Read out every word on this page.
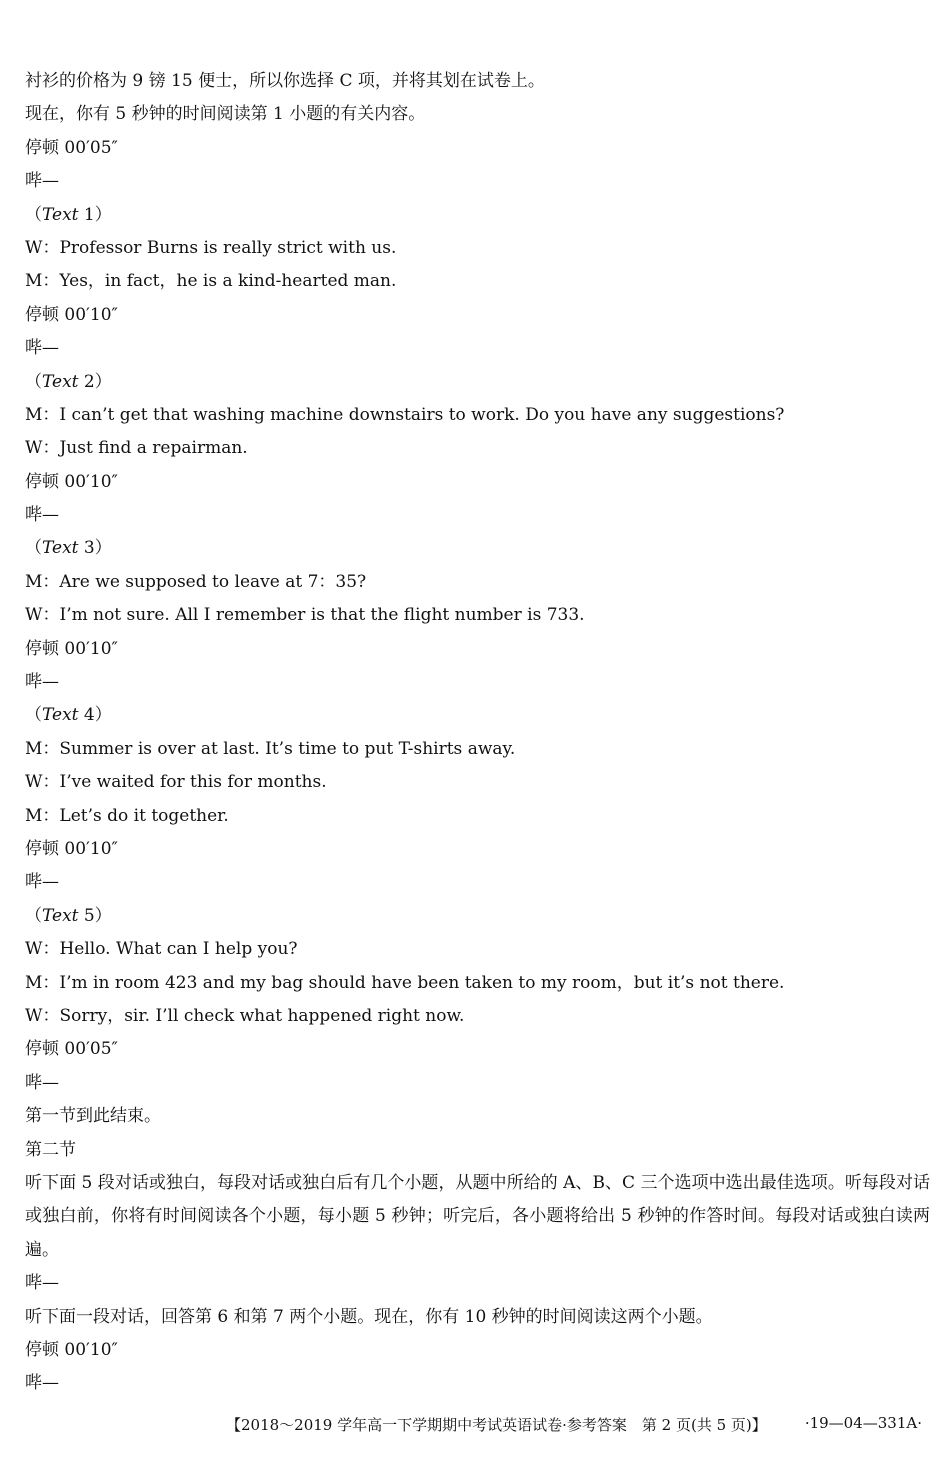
衬衫的价格为 9 镑 15 便士，所以你选择 C 项，并将其划在试卷上。
现在，你有 5 秒钟的时间阅读第 1 小题的有关内容。
停顿 00′05″
哔—
（Text 1）
W：Professor Burns is really strict with us.
M：Yes，in fact，he is a kind-hearted man.
停顿 00′10″
哔—
（Text 2）
M：I can’t get that washing machine downstairs to work. Do you have any suggestions?
W：Just find a repairman.
停顿 00′10″
哔—
（Text 3）
M：Are we supposed to leave at 7：35?
W：I’m not sure. All I remember is that the flight number is 733.
停顿 00′10″
哔—
（Text 4）
M：Summer is over at last. It’s time to put T-shirts away.
W：I’ve waited for this for months.
M：Let’s do it together.
停顿 00′10″
哔—
（Text 5）
W：Hello. What can I help you?
M：I’m in room 423 and my bag should have been taken to my room，but it’s not there.
W：Sorry，sir. I’ll check what happened right now.
停顿 00′05″
哔—
第一节到此结束。
第二节
听下面 5 段对话或独白，每段对话或独白后有几个小题，从题中所给的 A、B、C 三个选项中选出最佳选项。听每段对话或独白前，你将有时间阅读各个小题，每小题 5 秒钟；听完后，各小题将给出 5 秒钟的作答时间。每段对话或独白读两遍。
哔—
听下面一段对话，回答第 6 和第 7 两个小题。现在，你有 10 秒钟的时间阅读这两个小题。
停顿 00′10″
哔—
【2018～2019 学年高一下学期期中考试英语试卷·参考答案　第 2 页(共 5 页)】	·19—04—331A·
